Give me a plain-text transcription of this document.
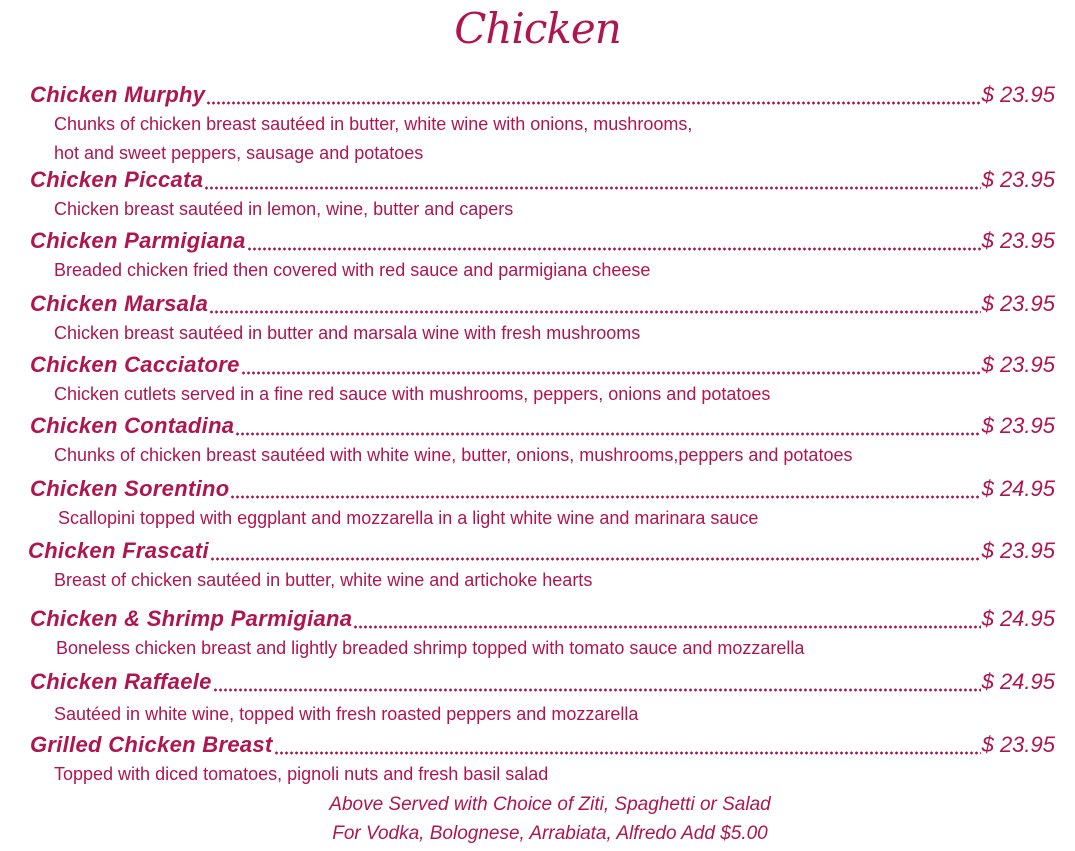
Chicken
Chicken Murphy	$ 23.95
Chunks of chicken breast sautéed in butter, white wine with onions, mushrooms,
hot and sweet peppers, sausage and potatoes
Chicken Piccata	$ 23.95
Chicken breast sautéed in lemon, wine, butter and capers
Chicken Parmigiana	$ 23.95
Breaded chicken fried then covered with red sauce and parmigiana cheese
Chicken Marsala	$ 23.95
Chicken breast sautéed in butter and marsala wine with fresh mushrooms
Chicken Cacciatore	$ 23.95
Chicken cutlets served in a fine red sauce with mushrooms, peppers, onions and potatoes
Chicken Contadina	$ 23.95
Chunks of chicken breast sautéed with white wine, butter, onions, mushrooms,peppers and potatoes
Chicken Sorentino	$ 24.95
Scallopini topped with eggplant and mozzarella in a light white wine and marinara sauce
Chicken Frascati	$ 23.95
Breast of chicken sautéed in butter, white wine and artichoke hearts
Chicken & Shrimp Parmigiana	$ 24.95
Boneless chicken breast and lightly breaded shrimp topped with tomato sauce and mozzarella
Chicken Raffaele	$ 24.95
Sautéed in white wine, topped with fresh roasted peppers and mozzarella
Grilled Chicken Breast	$ 23.95
Topped with diced tomatoes, pignoli nuts and fresh basil salad
Above Served with Choice of Ziti, Spaghetti or Salad
For Vodka, Bolognese, Arrabiata, Alfredo Add $5.00
